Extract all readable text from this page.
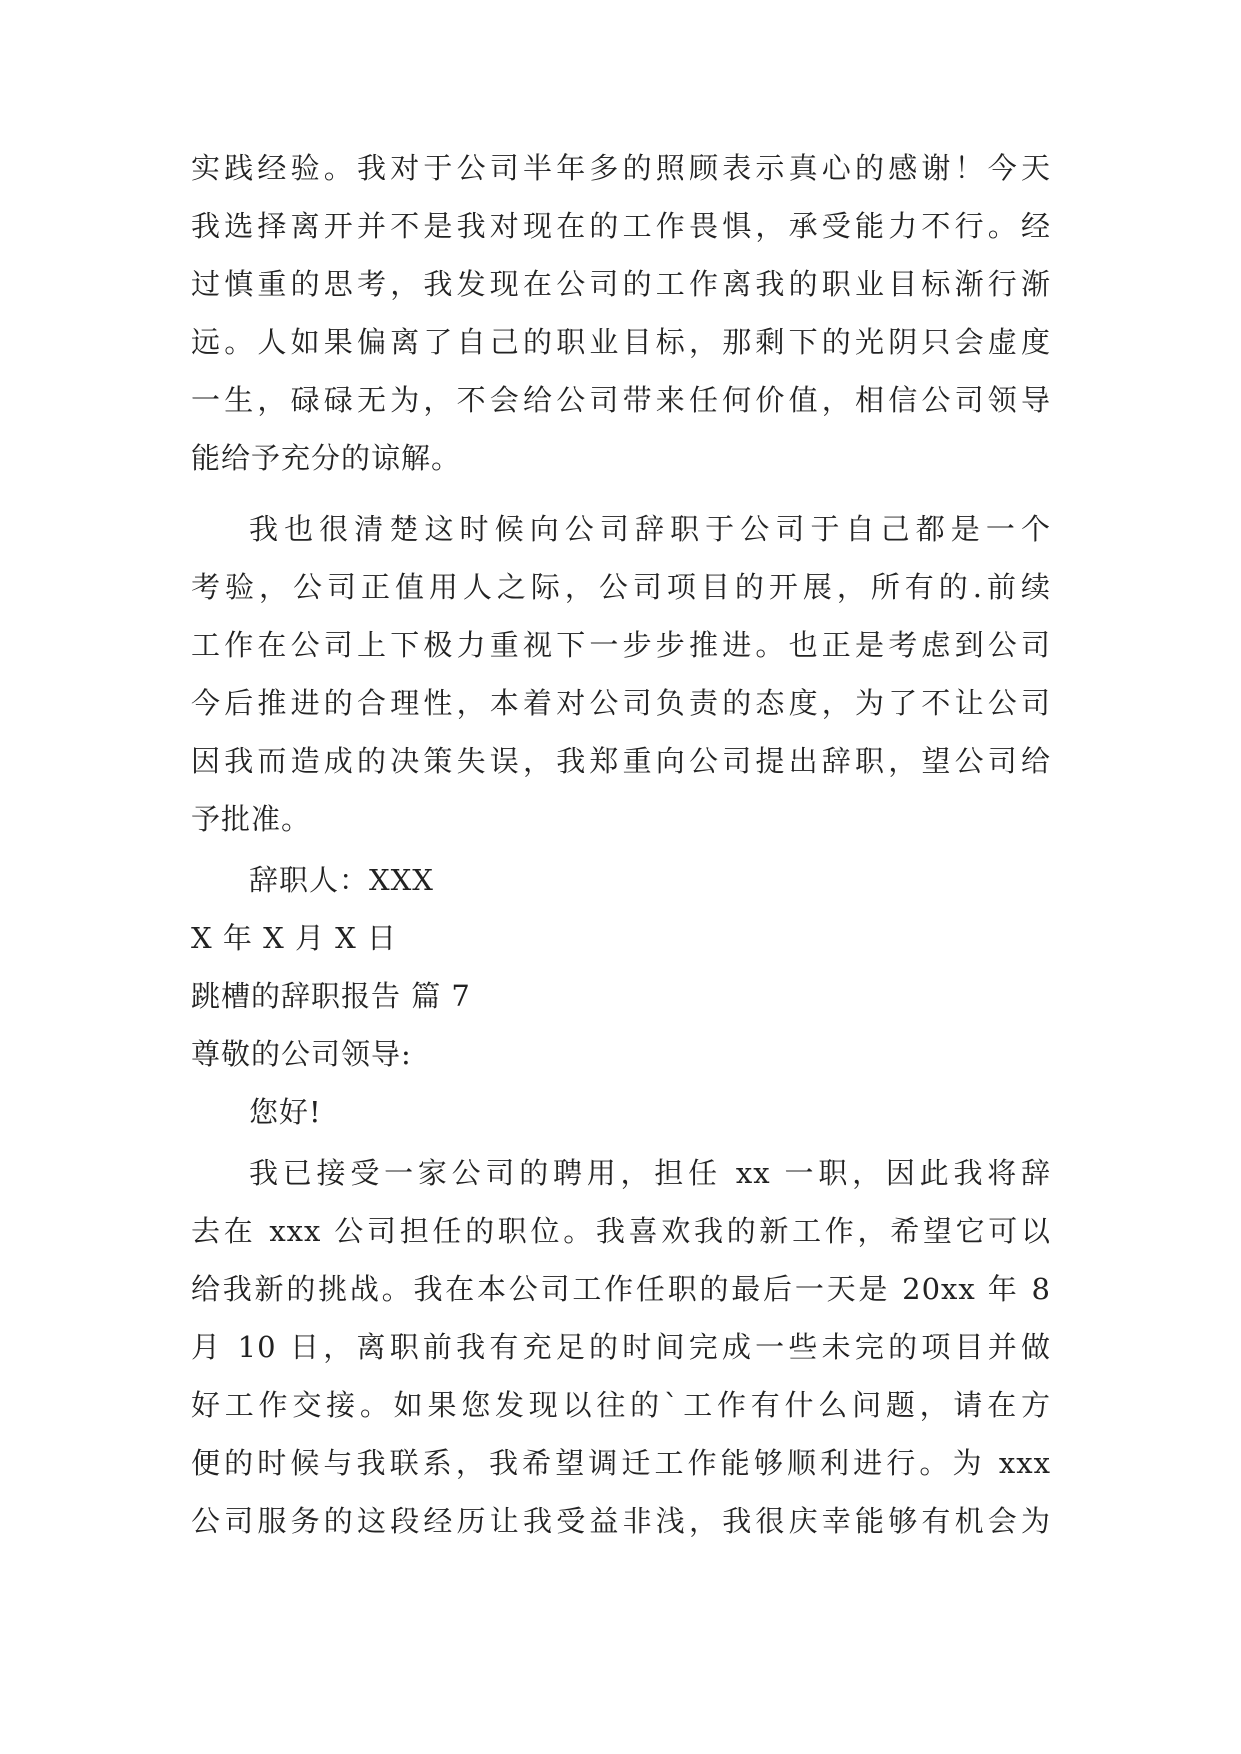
实践经验。我对于公司半年多的照顾表示真心的感谢！今天
我选择离开并不是我对现在的工作畏惧，承受能力不行。经
过慎重的思考，我发现在公司的工作离我的职业目标渐行渐
远。人如果偏离了自己的职业目标，那剩下的光阴只会虚度
一生，碌碌无为，不会给公司带来任何价值，相信公司领导
能给予充分的谅解。
我也很清楚这时候向公司辞职于公司于自己都是一个
考验，公司正值用人之际，公司项目的开展，所有的.前续
工作在公司上下极力重视下一步步推进。也正是考虑到公司
今后推进的合理性，本着对公司负责的态度，为了不让公司
因我而造成的决策失误，我郑重向公司提出辞职，望公司给
予批准。
辞职人：XXX
X 年 X 月 X 日
跳槽的辞职报告 篇 7
尊敬的公司领导:
您好!
我已接受一家公司的聘用，担任 xx 一职，因此我将辞
去在 xxx 公司担任的职位。我喜欢我的新工作，希望它可以
给我新的挑战。我在本公司工作任职的最后一天是 20xx 年 8
月 10 日，离职前我有充足的时间完成一些未完的项目并做
好工作交接。如果您发现以往的`工作有什么问题，请在方
便的时候与我联系，我希望调迁工作能够顺利进行。为 xxx
公司服务的这段经历让我受益非浅，我很庆幸能够有机会为
